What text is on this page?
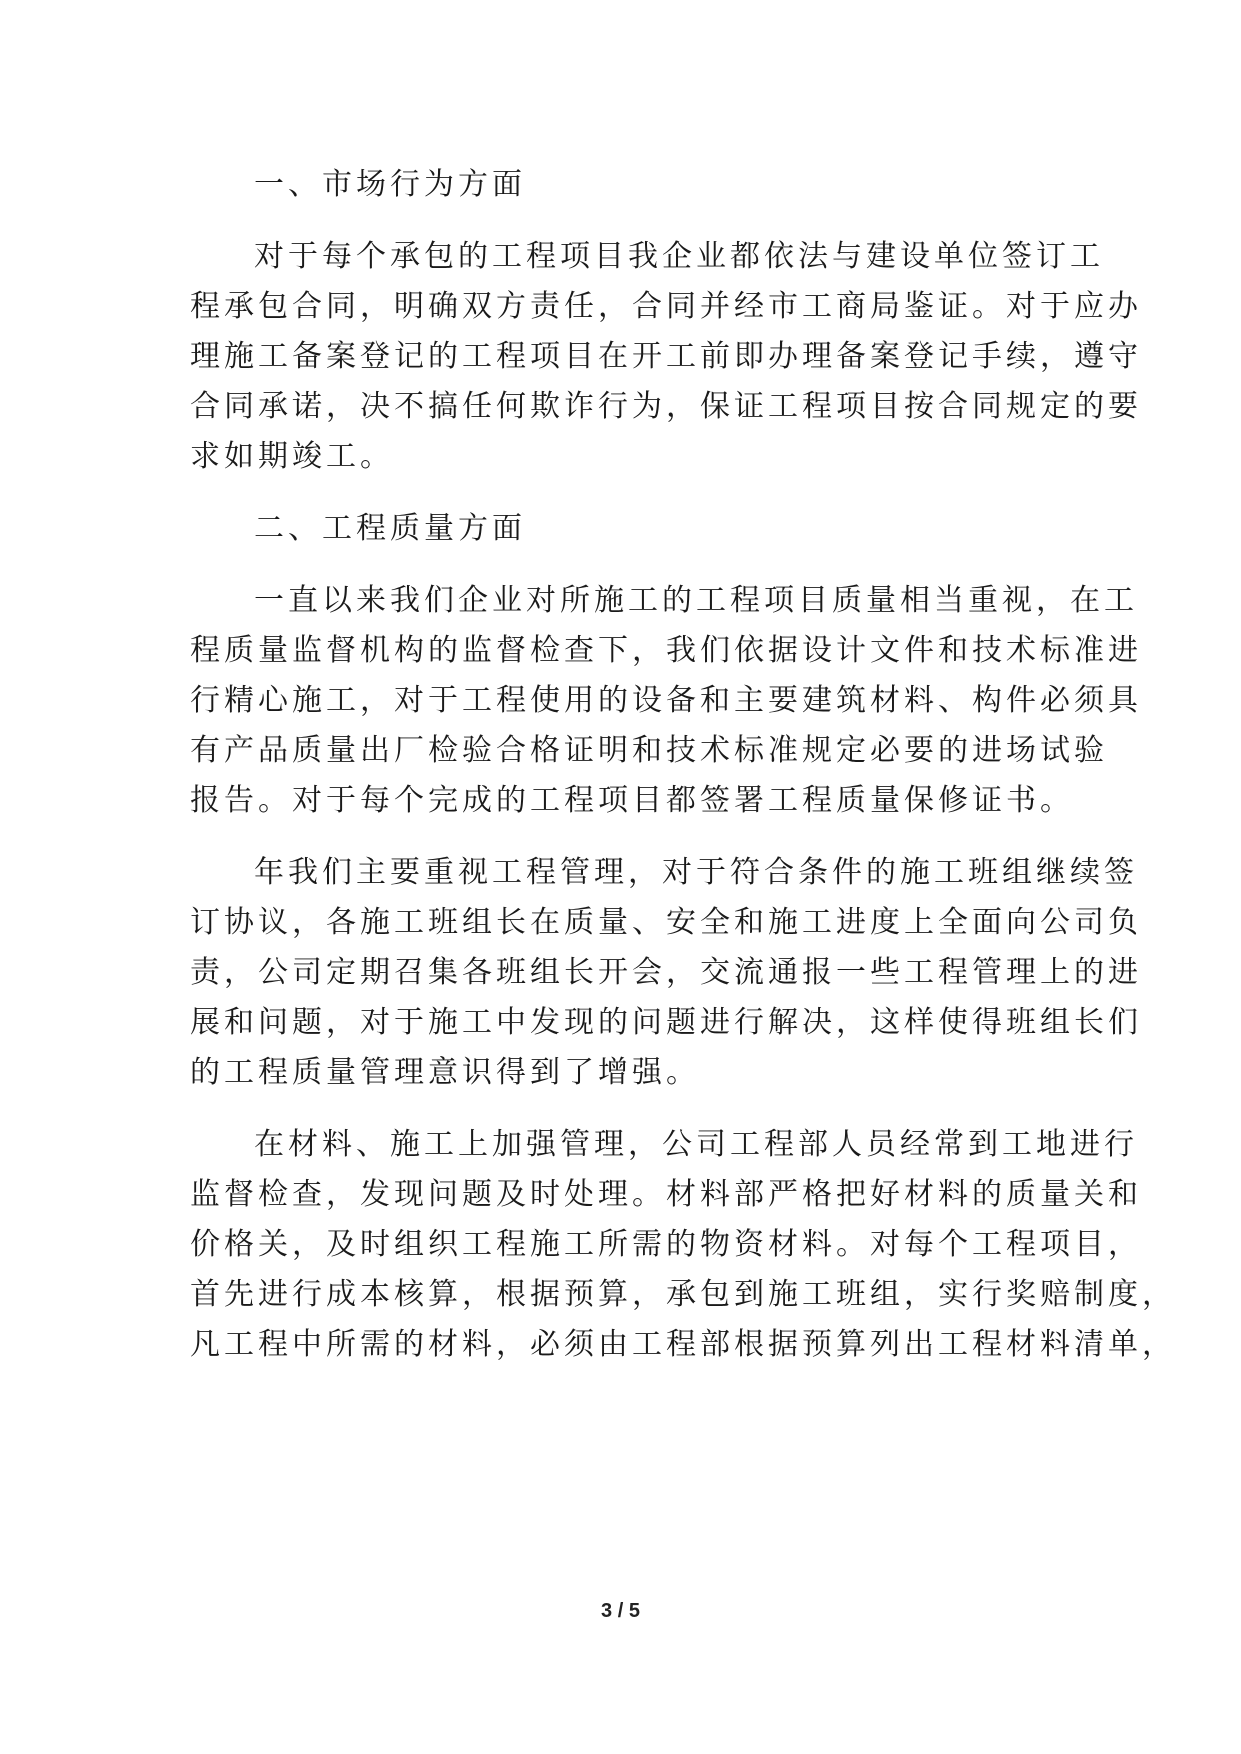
一、市场行为方面
对于每个承包的工程项目我企业都依法与建设单位签订工
程承包合同，明确双方责任，合同并经市工商局鉴证。对于应办
理施工备案登记的工程项目在开工前即办理备案登记手续，遵守
合同承诺，决不搞任何欺诈行为，保证工程项目按合同规定的要
求如期竣工。
二、工程质量方面
一直以来我们企业对所施工的工程项目质量相当重视，在工
程质量监督机构的监督检查下，我们依据设计文件和技术标准进
行精心施工，对于工程使用的设备和主要建筑材料、构件必须具
有产品质量出厂检验合格证明和技术标准规定必要的进场试验
报告。对于每个完成的工程项目都签署工程质量保修证书。
年我们主要重视工程管理，对于符合条件的施工班组继续签
订协议，各施工班组长在质量、安全和施工进度上全面向公司负
责，公司定期召集各班组长开会，交流通报一些工程管理上的进
展和问题，对于施工中发现的问题进行解决，这样使得班组长们
的工程质量管理意识得到了增强。
在材料、施工上加强管理，公司工程部人员经常到工地进行
监督检查，发现问题及时处理。材料部严格把好材料的质量关和
价格关，及时组织工程施工所需的物资材料。对每个工程项目，
首先进行成本核算，根据预算，承包到施工班组，实行奖赔制度，
凡工程中所需的材料，必须由工程部根据预算列出工程材料清单，
3 / 5
